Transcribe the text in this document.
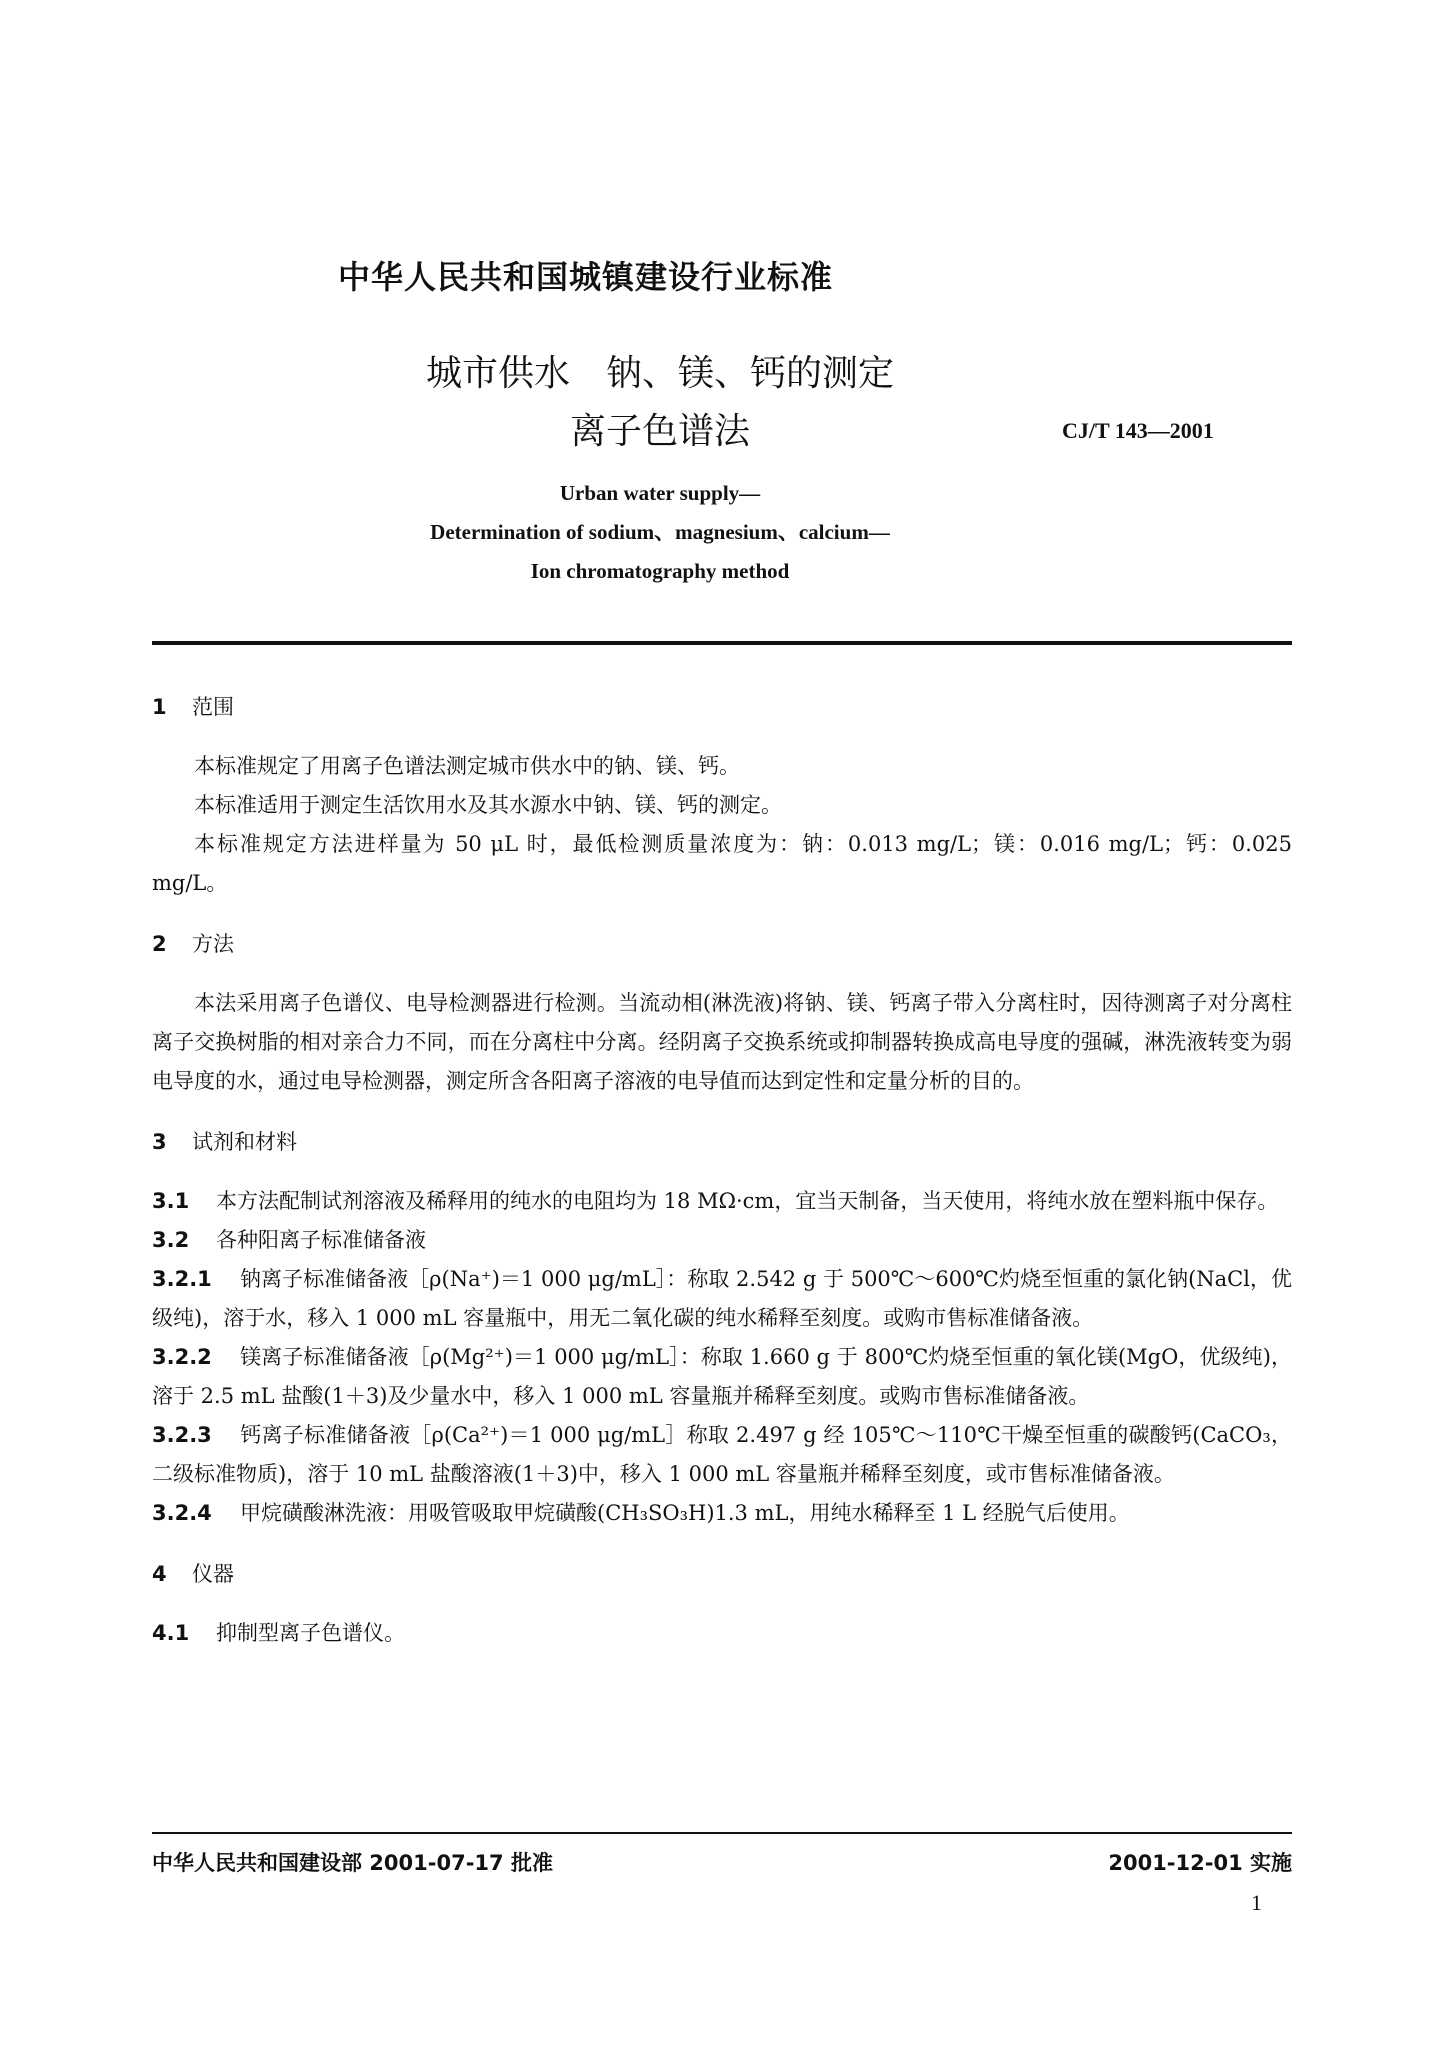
中华人民共和国城镇建设行业标准
城市供水　钠、镁、钙的测定
离子色谱法	CJ/T 143—2001
Urban water supply—
Determination of sodium、magnesium、calcium—
Ion chromatography method
1 范围
本标准规定了用离子色谱法测定城市供水中的钠、镁、钙。
本标准适用于测定生活饮用水及其水源水中钠、镁、钙的测定。
本标准规定方法进样量为 50 μL 时，最低检测质量浓度为：钠：0.013 mg/L；镁：0.016 mg/L；钙：0.025 mg/L。
2 方法
本法采用离子色谱仪、电导检测器进行检测。当流动相(淋洗液)将钠、镁、钙离子带入分离柱时，因待测离子对分离柱离子交换树脂的相对亲合力不同，而在分离柱中分离。经阴离子交换系统或抑制器转换成高电导度的强碱，淋洗液转变为弱电导度的水，通过电导检测器，测定所含各阳离子溶液的电导值而达到定性和定量分析的目的。
3 试剂和材料
3.1 本方法配制试剂溶液及稀释用的纯水的电阻均为 18 MΩ·cm，宜当天制备，当天使用，将纯水放在塑料瓶中保存。
3.2 各种阳离子标准储备液
3.2.1 钠离子标准储备液［ρ(Na⁺)＝1 000 μg/mL］：称取 2.542 g 于 500℃～600℃灼烧至恒重的氯化钠(NaCl，优级纯)，溶于水，移入 1 000 mL 容量瓶中，用无二氧化碳的纯水稀释至刻度。或购市售标准储备液。
3.2.2 镁离子标准储备液［ρ(Mg²⁺)＝1 000 μg/mL］：称取 1.660 g 于 800℃灼烧至恒重的氧化镁(MgO，优级纯)，溶于 2.5 mL 盐酸(1＋3)及少量水中，移入 1 000 mL 容量瓶并稀释至刻度。或购市售标准储备液。
3.2.3 钙离子标准储备液［ρ(Ca²⁺)＝1 000 μg/mL］称取 2.497 g 经 105℃～110℃干燥至恒重的碳酸钙(CaCO₃，二级标准物质)，溶于 10 mL 盐酸溶液(1＋3)中，移入 1 000 mL 容量瓶并稀释至刻度，或市售标准储备液。
3.2.4 甲烷磺酸淋洗液：用吸管吸取甲烷磺酸(CH₃SO₃H)1.3 mL，用纯水稀释至 1 L 经脱气后使用。
4 仪器
4.1 抑制型离子色谱仪。
中华人民共和国建设部 2001-07-17 批准	2001-12-01 实施
1
